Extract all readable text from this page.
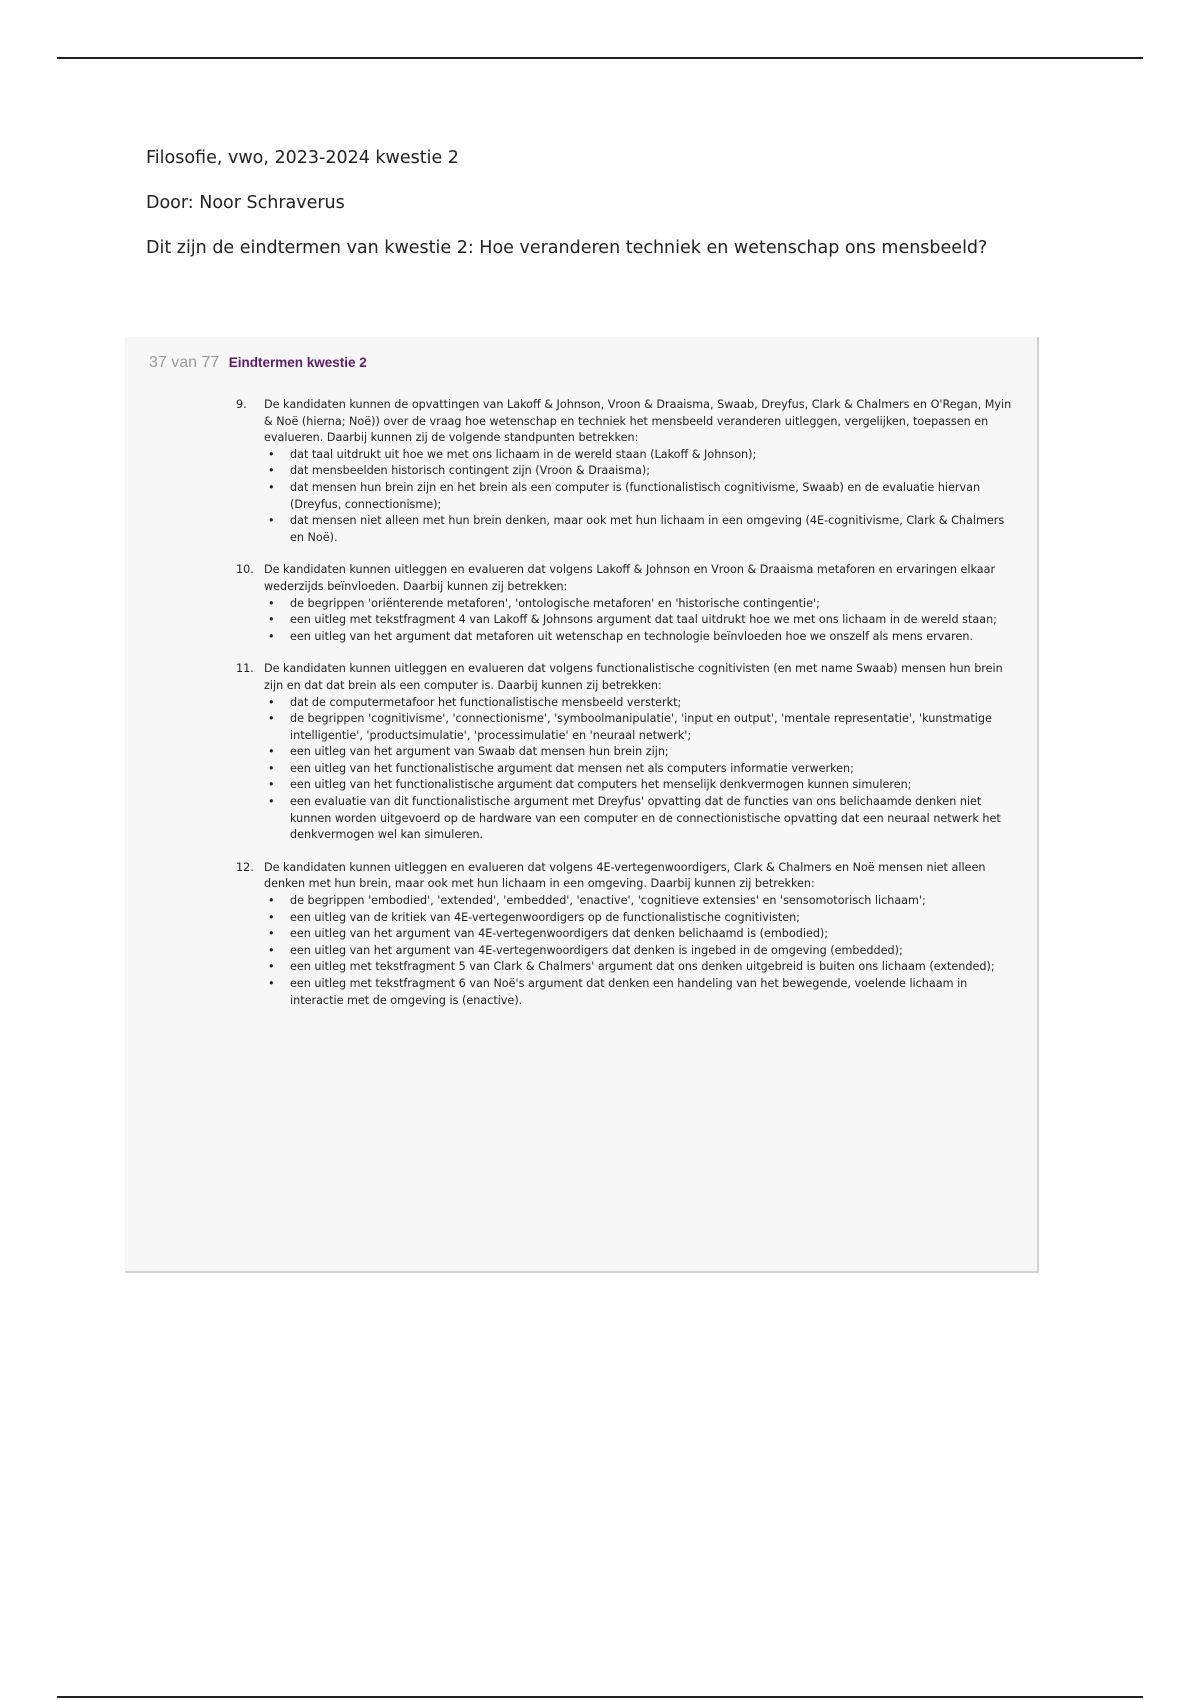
Filosofie, vwo, 2023-2024 kwestie 2

Door: Noor Schraverus

Dit zijn de eindtermen van kwestie 2: Hoe veranderen techniek en wetenschap ons mensbeeld?

37 van 77 Eindtermen kwestie 2
9. De kandidaten kunnen de opvattingen van Lakoff & Johnson, Vroon & Draaisma, Swaab, Dreyfus, Clark & Chalmers en O'Regan, Myin & Noë (hierna; Noë)) over de vraag hoe wetenschap en techniek het mensbeeld veranderen uitleggen, vergelijken, toepassen en evalueren. Daarbij kunnen zij de volgende standpunten betrekken:

• dat taal uitdrukt uit hoe we met ons lichaam in de wereld staan (Lakoff & Johnson);
• dat mensbeelden historisch contingent zijn (Vroon & Draaisma);
• dat mensen hun brein zijn en het brein als een computer is (functionalistisch cognitivisme, Swaab) en de evaluatie hiervan (Dreyfus, connectionisme);
• dat mensen niet alleen met hun brein denken, maar ook met hun lichaam in een omgeving (4E-cognitivisme, Clark & Chalmers en Noë).
10. De kandidaten kunnen uitleggen en evalueren dat volgens Lakoff & Johnson en Vroon & Draaisma metaforen en ervaringen elkaar wederzijds beïnvloeden. Daarbij kunnen zij betrekken:

• de begrippen 'oriënterende metaforen', 'ontologische metaforen' en 'historische contingentie';
• een uitleg met tekstfragment 4 van Lakoff & Johnsons argument dat taal uitdrukt hoe we met ons lichaam in de wereld staan;
• een uitleg van het argument dat metaforen uit wetenschap en technologie beïnvloeden hoe we onszelf als mens ervaren.
11. De kandidaten kunnen uitleggen en evalueren dat volgens functionalistische cognitivisten (en met name Swaab) mensen hun brein zijn en dat dat brein als een computer is. Daarbij kunnen zij betrekken:

• dat de computermetafoor het functionalistische mensbeeld versterkt;
• de begrippen 'cognitivisme', 'connectionisme', 'symboolmanipulatie', 'input en output', 'mentale representatie', 'kunstmatige intelligentie', 'productsimulatie', 'processimulatie' en 'neuraal netwerk';
• een uitleg van het argument van Swaab dat mensen hun brein zijn;
• een uitleg van het functionalistische argument dat mensen net als computers informatie verwerken;
• een uitleg van het functionalistische argument dat computers het menselijk denkvermogen kunnen simuleren;
• een evaluatie van dit functionalistische argument met Dreyfus' opvatting dat de functies van ons belichaamde denken niet kunnen worden uitgevoerd op de hardware van een computer en de connectionistische opvatting dat een neuraal netwerk het denkvermogen wel kan simuleren.
12. De kandidaten kunnen uitleggen en evalueren dat volgens 4E-vertegenwoordigers, Clark & Chalmers en Noë mensen niet alleen denken met hun brein, maar ook met hun lichaam in een omgeving. Daarbij kunnen zij betrekken:

• de begrippen 'embodied', 'extended', 'embedded', 'enactive', 'cognitieve extensies' en 'sensomotorisch lichaam';
• een uitleg van de kritiek van 4E-vertegenwoordigers op de functionalistische cognitivisten;
• een uitleg van het argument van 4E-vertegenwoordigers dat denken belichaamd is (embodied);
• een uitleg van het argument van 4E-vertegenwoordigers dat denken is ingebed in de omgeving (embedded);
• een uitleg met tekstfragment 5 van Clark & Chalmers' argument dat ons denken uitgebreid is buiten ons lichaam (extended);
• een uitleg met tekstfragment 6 van Noë's argument dat denken een handeling van het bewegende, voelende lichaam in interactie met de omgeving is (enactive).
